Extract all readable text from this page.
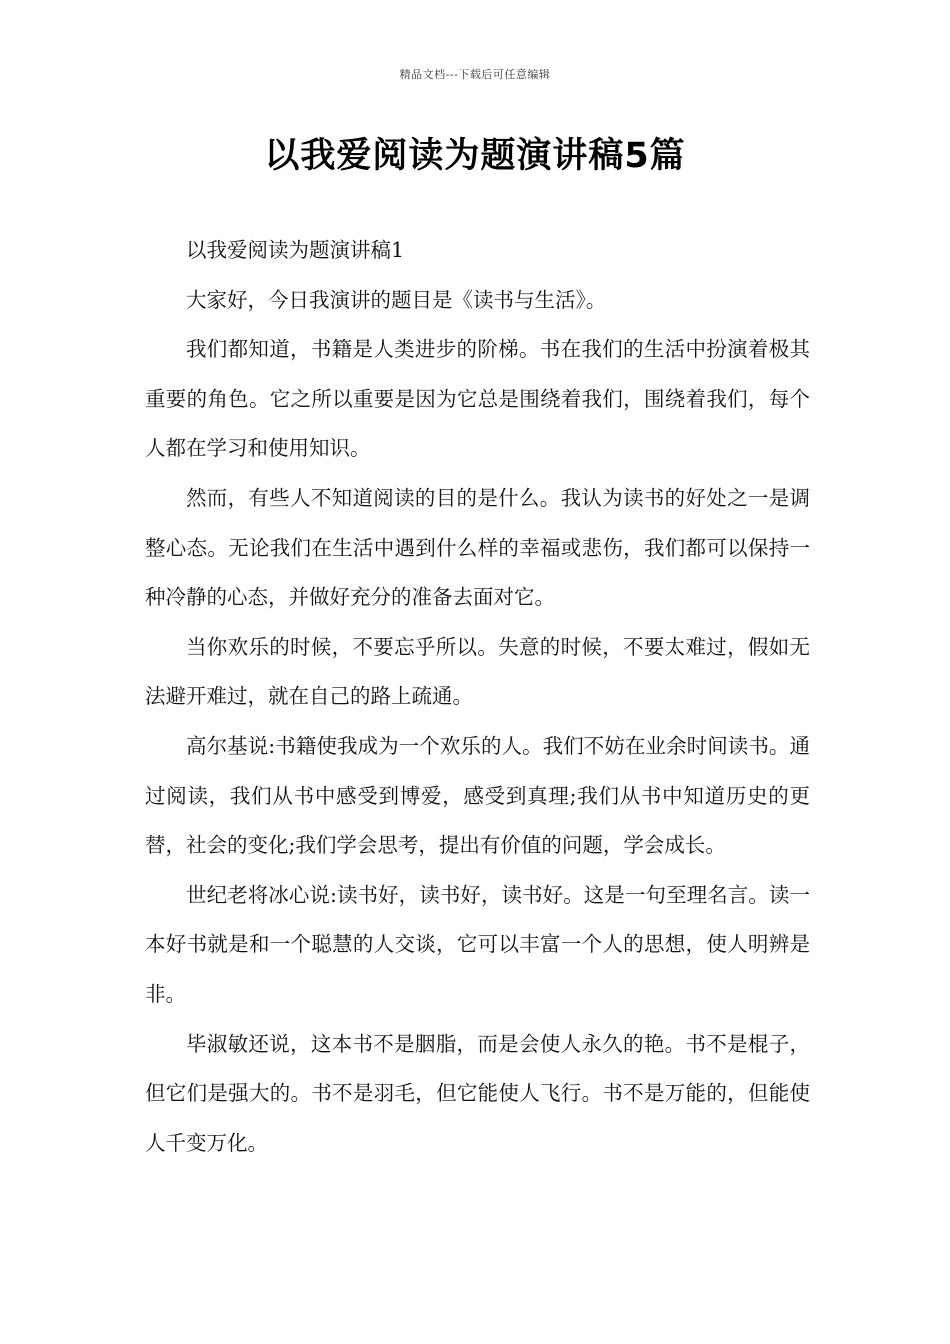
精品文档---下载后可任意编辑
以我爱阅读为题演讲稿5篇

以我爱阅读为题演讲稿1

大家好，今日我演讲的题目是《读书与生活》。

我们都知道，书籍是人类进步的阶梯。书在我们的生活中扮演着极其重要的角色。它之所以重要是因为它总是围绕着我们，围绕着我们，每个人都在学习和使用知识。

然而，有些人不知道阅读的目的是什么。我认为读书的好处之一是调整心态。无论我们在生活中遇到什么样的幸福或悲伤，我们都可以保持一种冷静的心态，并做好充分的准备去面对它。

当你欢乐的时候，不要忘乎所以。失意的时候，不要太难过，假如无法避开难过，就在自己的路上疏通。

高尔基说:书籍使我成为一个欢乐的人。我们不妨在业余时间读书。通过阅读，我们从书中感受到博爱，感受到真理;我们从书中知道历史的更替，社会的变化;我们学会思考，提出有价值的问题，学会成长。

世纪老将冰心说:读书好，读书好，读书好。这是一句至理名言。读一本好书就是和一个聪慧的人交谈，它可以丰富一个人的思想，使人明辨是非。

毕淑敏还说，这本书不是胭脂，而是会使人永久的艳。书不是棍子，但它们是强大的。书不是羽毛，但它能使人飞行。书不是万能的，但能使人千变万化。
